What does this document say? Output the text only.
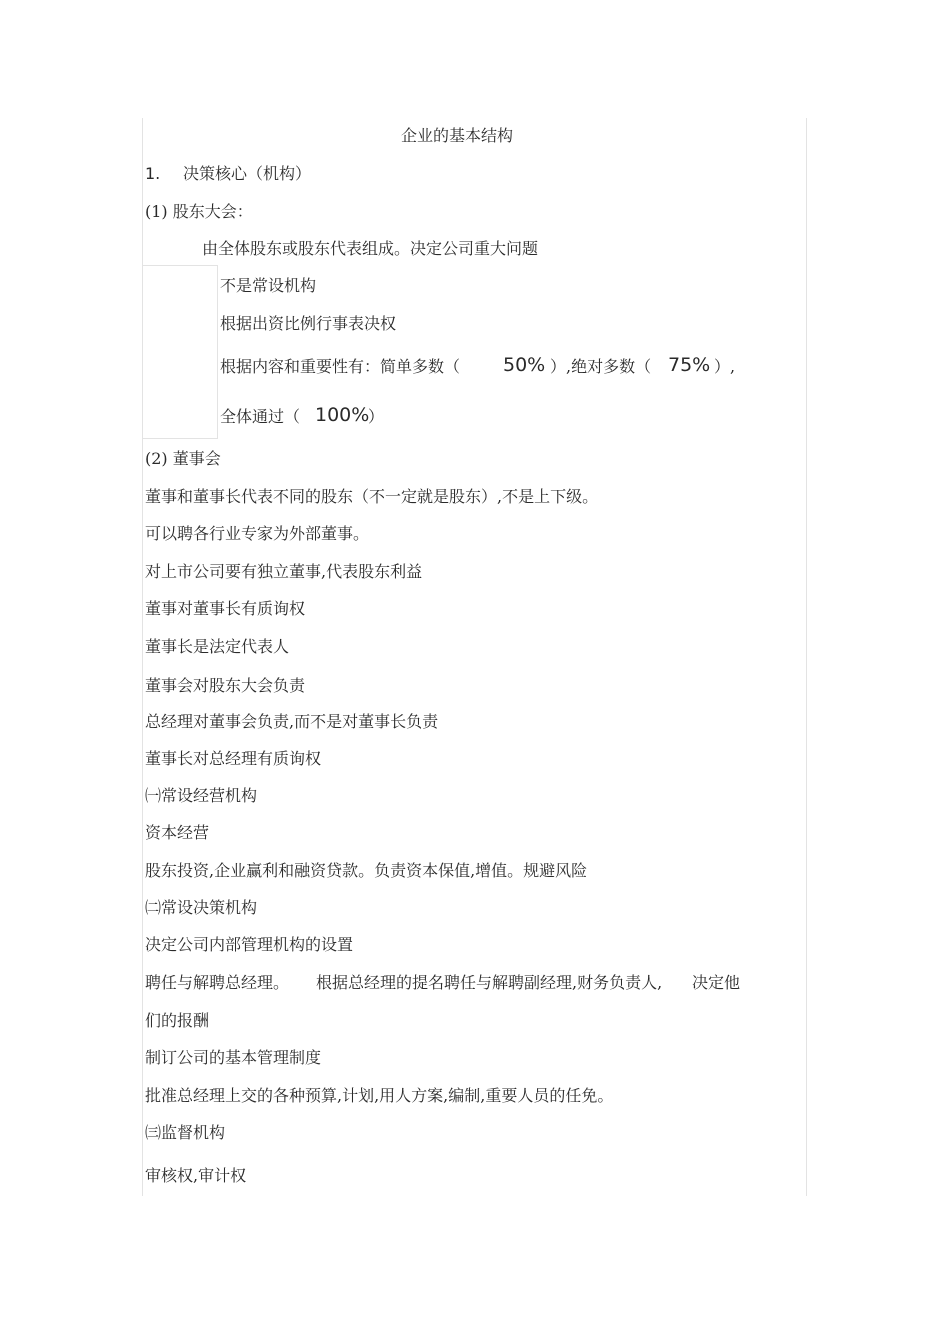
企业的基本结构
1. 决策核心（机构）
(1) 股东大会：
由全体股东或股东代表组成。决定公司重大问题
不是常设机构
根据出资比例行事表决权
根据内容和重要性有：简单多数（ 50% ）,绝对多数（ 75% ）,
全体通过（ 100%
）
(2) 董事会
董事和董事长代表不同的股东（不一定就是股东）,不是上下级。
可以聘各行业专家为外部董事。
对上市公司要有独立董事,代表股东利益
董事对董事长有质询权
董事长是法定代表人
董事会对股东大会负责
总经理对董事会负责,而不是对董事长负责
董事长对总经理有质询权
㈠常设经营机构
资本经营
股东投资,企业赢利和融资贷款。负责资本保值,增值。规避风险
㈡常设决策机构
决定公司内部管理机构的设置
聘任与解聘总经理。 根据总经理的提名聘任与解聘副经理,财务负责人, 决定他
们的报酬
制订公司的基本管理制度
批准总经理上交的各种预算,计划,用人方案,编制,重要人员的任免。
㈢监督机构
审核权,审计权
